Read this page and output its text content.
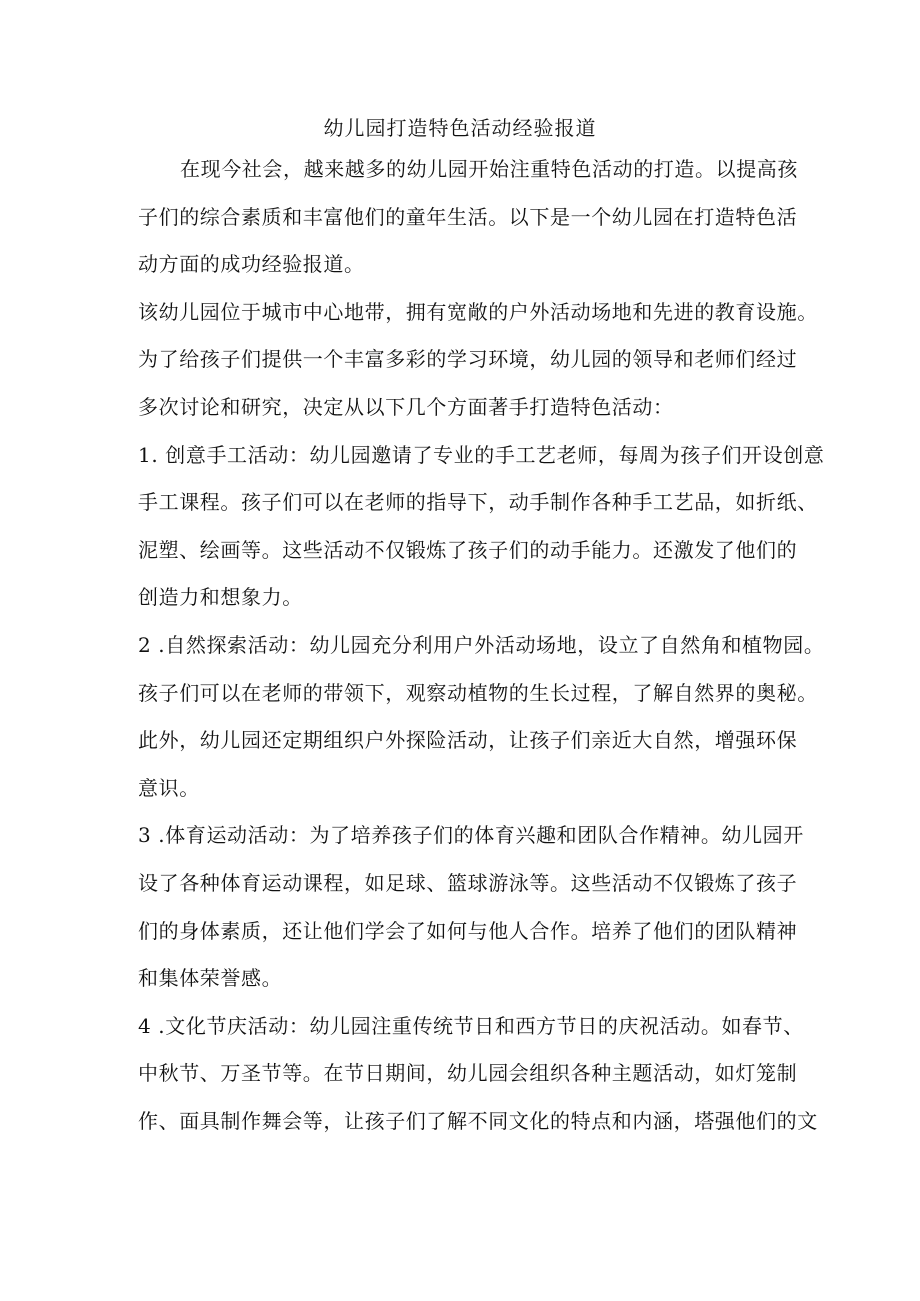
幼儿园打造特色活动经验报道
在现今社会，越来越多的幼儿园开始注重特色活动的打造。以提高孩
子们的综合素质和丰富他们的童年生活。以下是一个幼儿园在打造特色活
动方面的成功经验报道。
该幼儿园位于城市中心地带，拥有宽敞的户外活动场地和先进的教育设施。
为了给孩子们提供一个丰富多彩的学习环境，幼儿园的领导和老师们经过
多次讨论和研究，决定从以下几个方面著手打造特色活动：
1. 创意手工活动：幼儿园邀请了专业的手工艺老师，每周为孩子们开设创意
手工课程。孩子们可以在老师的指导下，动手制作各种手工艺品，如折纸、
泥塑、绘画等。这些活动不仅锻炼了孩子们的动手能力。还激发了他们的
创造力和想象力。
2 .自然探索活动：幼儿园充分利用户外活动场地，设立了自然角和植物园。
孩子们可以在老师的带领下，观察动植物的生长过程，了解自然界的奥秘。
此外，幼儿园还定期组织户外探险活动，让孩子们亲近大自然，增强环保
意识。
3 .体育运动活动：为了培养孩子们的体育兴趣和团队合作精神。幼儿园开
设了各种体育运动课程，如足球、篮球游泳等。这些活动不仅锻炼了孩子
们的身体素质，还让他们学会了如何与他人合作。培养了他们的团队精神
和集体荣誉感。
4 .文化节庆活动：幼儿园注重传统节日和西方节日的庆祝活动。如春节、
中秋节、万圣节等。在节日期间，幼儿园会组织各种主题活动，如灯笼制
作、面具制作舞会等，让孩子们了解不同文化的特点和内涵，塔强他们的文
